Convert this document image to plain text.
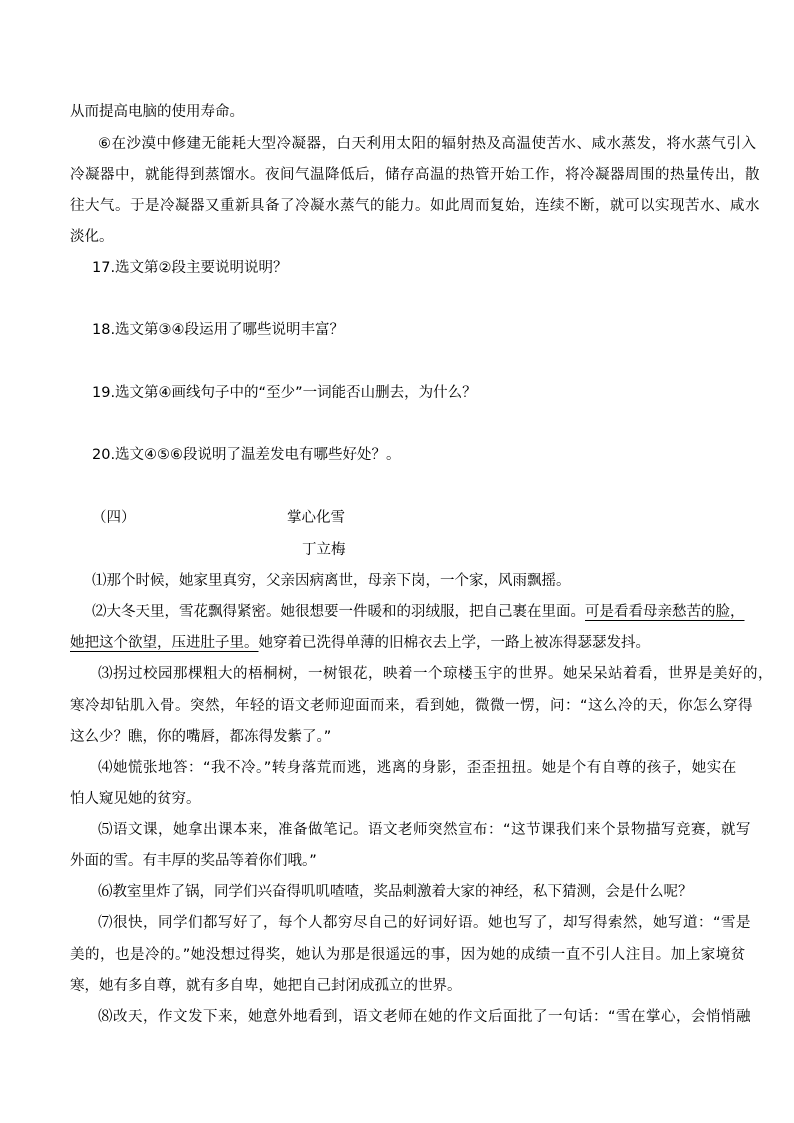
从而提高电脑的使用寿命。
⑥在沙漠中修建无能耗大型冷凝器，白天利用太阳的辐射热及高温使苦水、咸水蒸发，将水蒸气引入
冷凝器中，就能得到蒸馏水。夜间气温降低后，储存高温的热管开始工作，将冷凝器周围的热量传出，散
往大气。于是冷凝器又重新具备了冷凝水蒸气的能力。如此周而复始，连续不断，就可以实现苦水、咸水
淡化。
17.选文第②段主要说明说明？
18.选文第③④段运用了哪些说明丰富？
19.选文第④画线句子中的“至少”一词能否山删去，为什么？
20.选文④⑤⑥段说明了温差发电有哪些好处？。
（四）	掌心化雪
丁立梅
⑴那个时候，她家里真穷，父亲因病离世，母亲下岗，一个家，风雨飘摇。
⑵大冬天里，雪花飘得紧密。她很想要一件暖和的羽绒服，把自己裹在里面。可是看看母亲愁苦的脸，
她把这个欲望，压进肚子里。她穿着已洗得单薄的旧棉衣去上学，一路上被冻得瑟瑟发抖。
⑶拐过校园那棵粗大的梧桐树，一树银花，映着一个琼楼玉宇的世界。她呆呆站着看，世界是美好的，
寒冷却钻肌入骨。突然，年轻的语文老师迎面而来，看到她，微微一愣，问：“这么冷的天，你怎么穿得
这么少？瞧，你的嘴唇，都冻得发紫了。”
⑷她慌张地答：“我不冷。”转身落荒而逃，逃离的身影，歪歪扭扭。她是个有自尊的孩子，她实在
怕人窥见她的贫穷。
⑸语文课，她拿出课本来，准备做笔记。语文老师突然宣布：“这节课我们来个景物描写竞赛，就写
外面的雪。有丰厚的奖品等着你们哦。”
⑹教室里炸了锅，同学们兴奋得叽叽喳喳，奖品刺激着大家的神经，私下猜测，会是什么呢？
⑺很快，同学们都写好了，每个人都穷尽自己的好词好语。她也写了，却写得索然，她写道：“雪是
美的，也是冷的。”她没想过得奖，她认为那是很遥远的事，因为她的成绩一直不引人注目。加上家境贫
寒，她有多自尊，就有多自卑，她把自己封闭成孤立的世界。
⑻改天，作文发下来，她意外地看到，语文老师在她的作文后面批了一句话：“雪在掌心，会悄悄融
